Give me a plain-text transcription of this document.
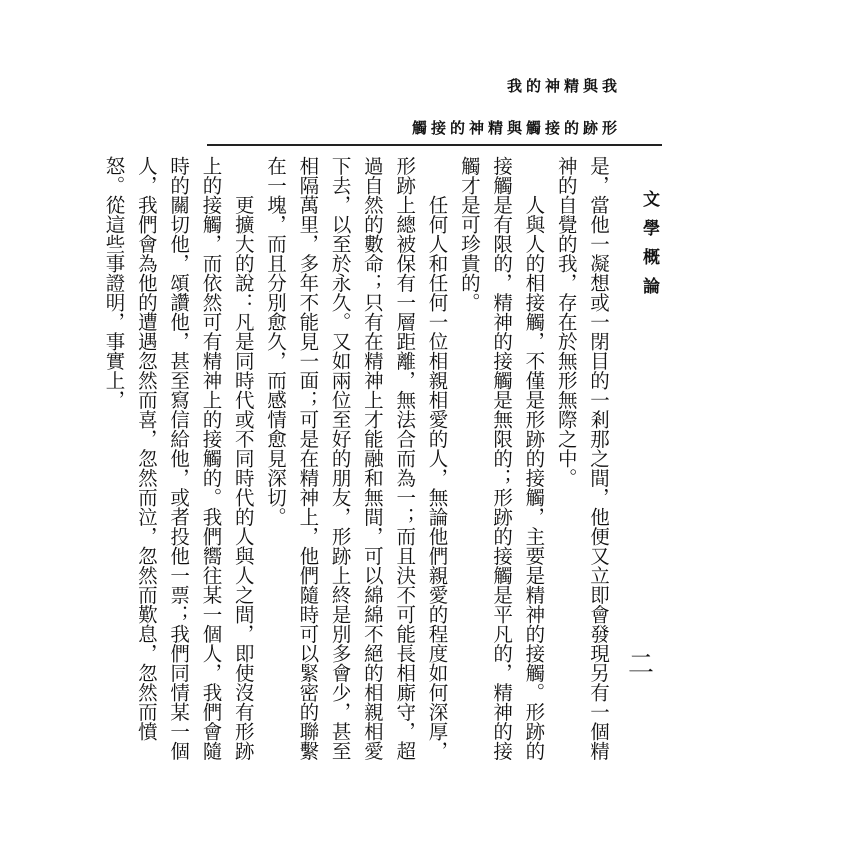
文學概論
二
我與精神的我
形跡的接觸與精神的接觸

是，當他一凝想或一閉目的一剎那之間，他便又立即會發現另有一個精神的自覺的我，存在於無形無際之中。

人與人的相接觸，不僅是形跡的接觸，主要是精神的接觸。形跡的接觸是有限的，精神的接觸是無限的；形跡的接觸是平凡的，精神的接觸才是可珍貴的。

任何人和任何一位相親相愛的人，無論他們親愛的程度如何深厚，形跡上總被保有一層距離，無法合而為一；而且決不可能長相廝守，超過自然的數命；只有在精神上才能融和無間，可以綿綿不絕的相親相愛下去，以至於永久。又如兩位至好的朋友，形跡上終是別多會少，甚至相隔萬里，多年不能見一面；可是在精神上，他們隨時可以緊密的聯繫在一塊，而且分別愈久，而感情愈見深切。

更擴大的說：凡是同時代或不同時代的人與人之間，即使沒有形跡上的接觸，而依然可有精神上的接觸的。我們嚮往某一個人，我們會隨時的關切他，頌讚他，甚至寫信給他，或者投他一票；我們同情某一個人，我們會為他的遭遇忽然而喜，忽然而泣，忽然而歎息，忽然而憤怒。從這些事證明，事實上，
